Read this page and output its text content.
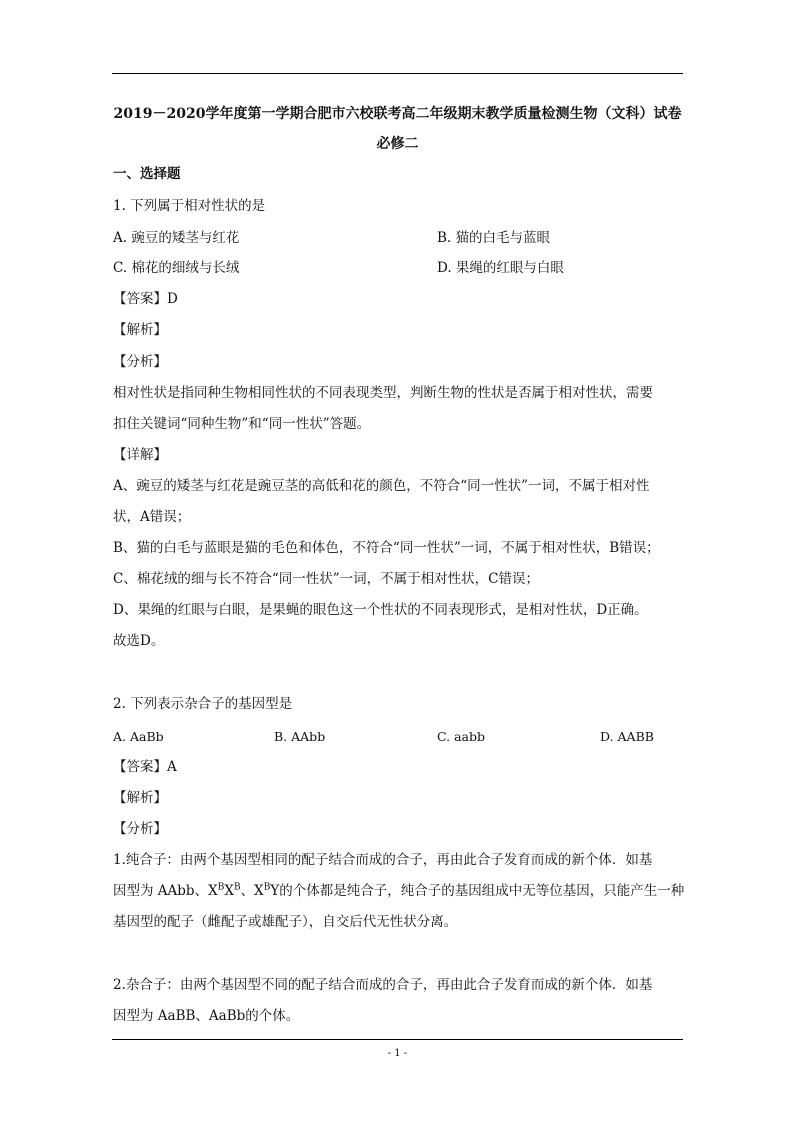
2019－2020学年度第一学期合肥市六校联考高二年级期末教学质量检测生物（文科）试卷
必修二
一、选择题
1. 下列属于相对性状的是
A. 豌豆的矮茎与红花	B. 猫的白毛与蓝眼
C. 棉花的细绒与长绒	D. 果绳的红眼与白眼
【答案】D
【解析】
【分析】
相对性状是指同种生物相同性状的不同表现类型，判断生物的性状是否属于相对性状，需要
扣住关键词“同种生物”和“同一性状”答题。
【详解】
A、豌豆的矮茎与红花是豌豆茎的高低和花的颜色，不符合“同一性状”一词，不属于相对性
状，A错误；
B、猫的白毛与蓝眼是猫的毛色和体色，不符合“同一性状”一词，不属于相对性状，B错误；
C、棉花绒的细与长不符合“同一性状”一词，不属于相对性状，C错误；
D、果绳的红眼与白眼，是果蝇的眼色这一个性状的不同表现形式，是相对性状，D正确。
故选D。
2. 下列表示杂合子的基因型是
A. AaBb	B. AAbb	C. aabb	D. AABB
【答案】A
【解析】
【分析】
1.纯合子：由两个基因型相同的配子结合而成的合子，再由此合子发育而成的新个体．如基
因型为 AAbb、$X^BX^B$、$X^BY$的个体都是纯合子，纯合子的基因组成中无等位基因，只能产生一种
基因型的配子（雌配子或雄配子），自交后代无性状分离。
2.杂合子：由两个基因型不同的配子结合而成的合子，再由此合子发育而成的新个体．如基
因型为 AaBB、AaBb的个体。
- 1 -
